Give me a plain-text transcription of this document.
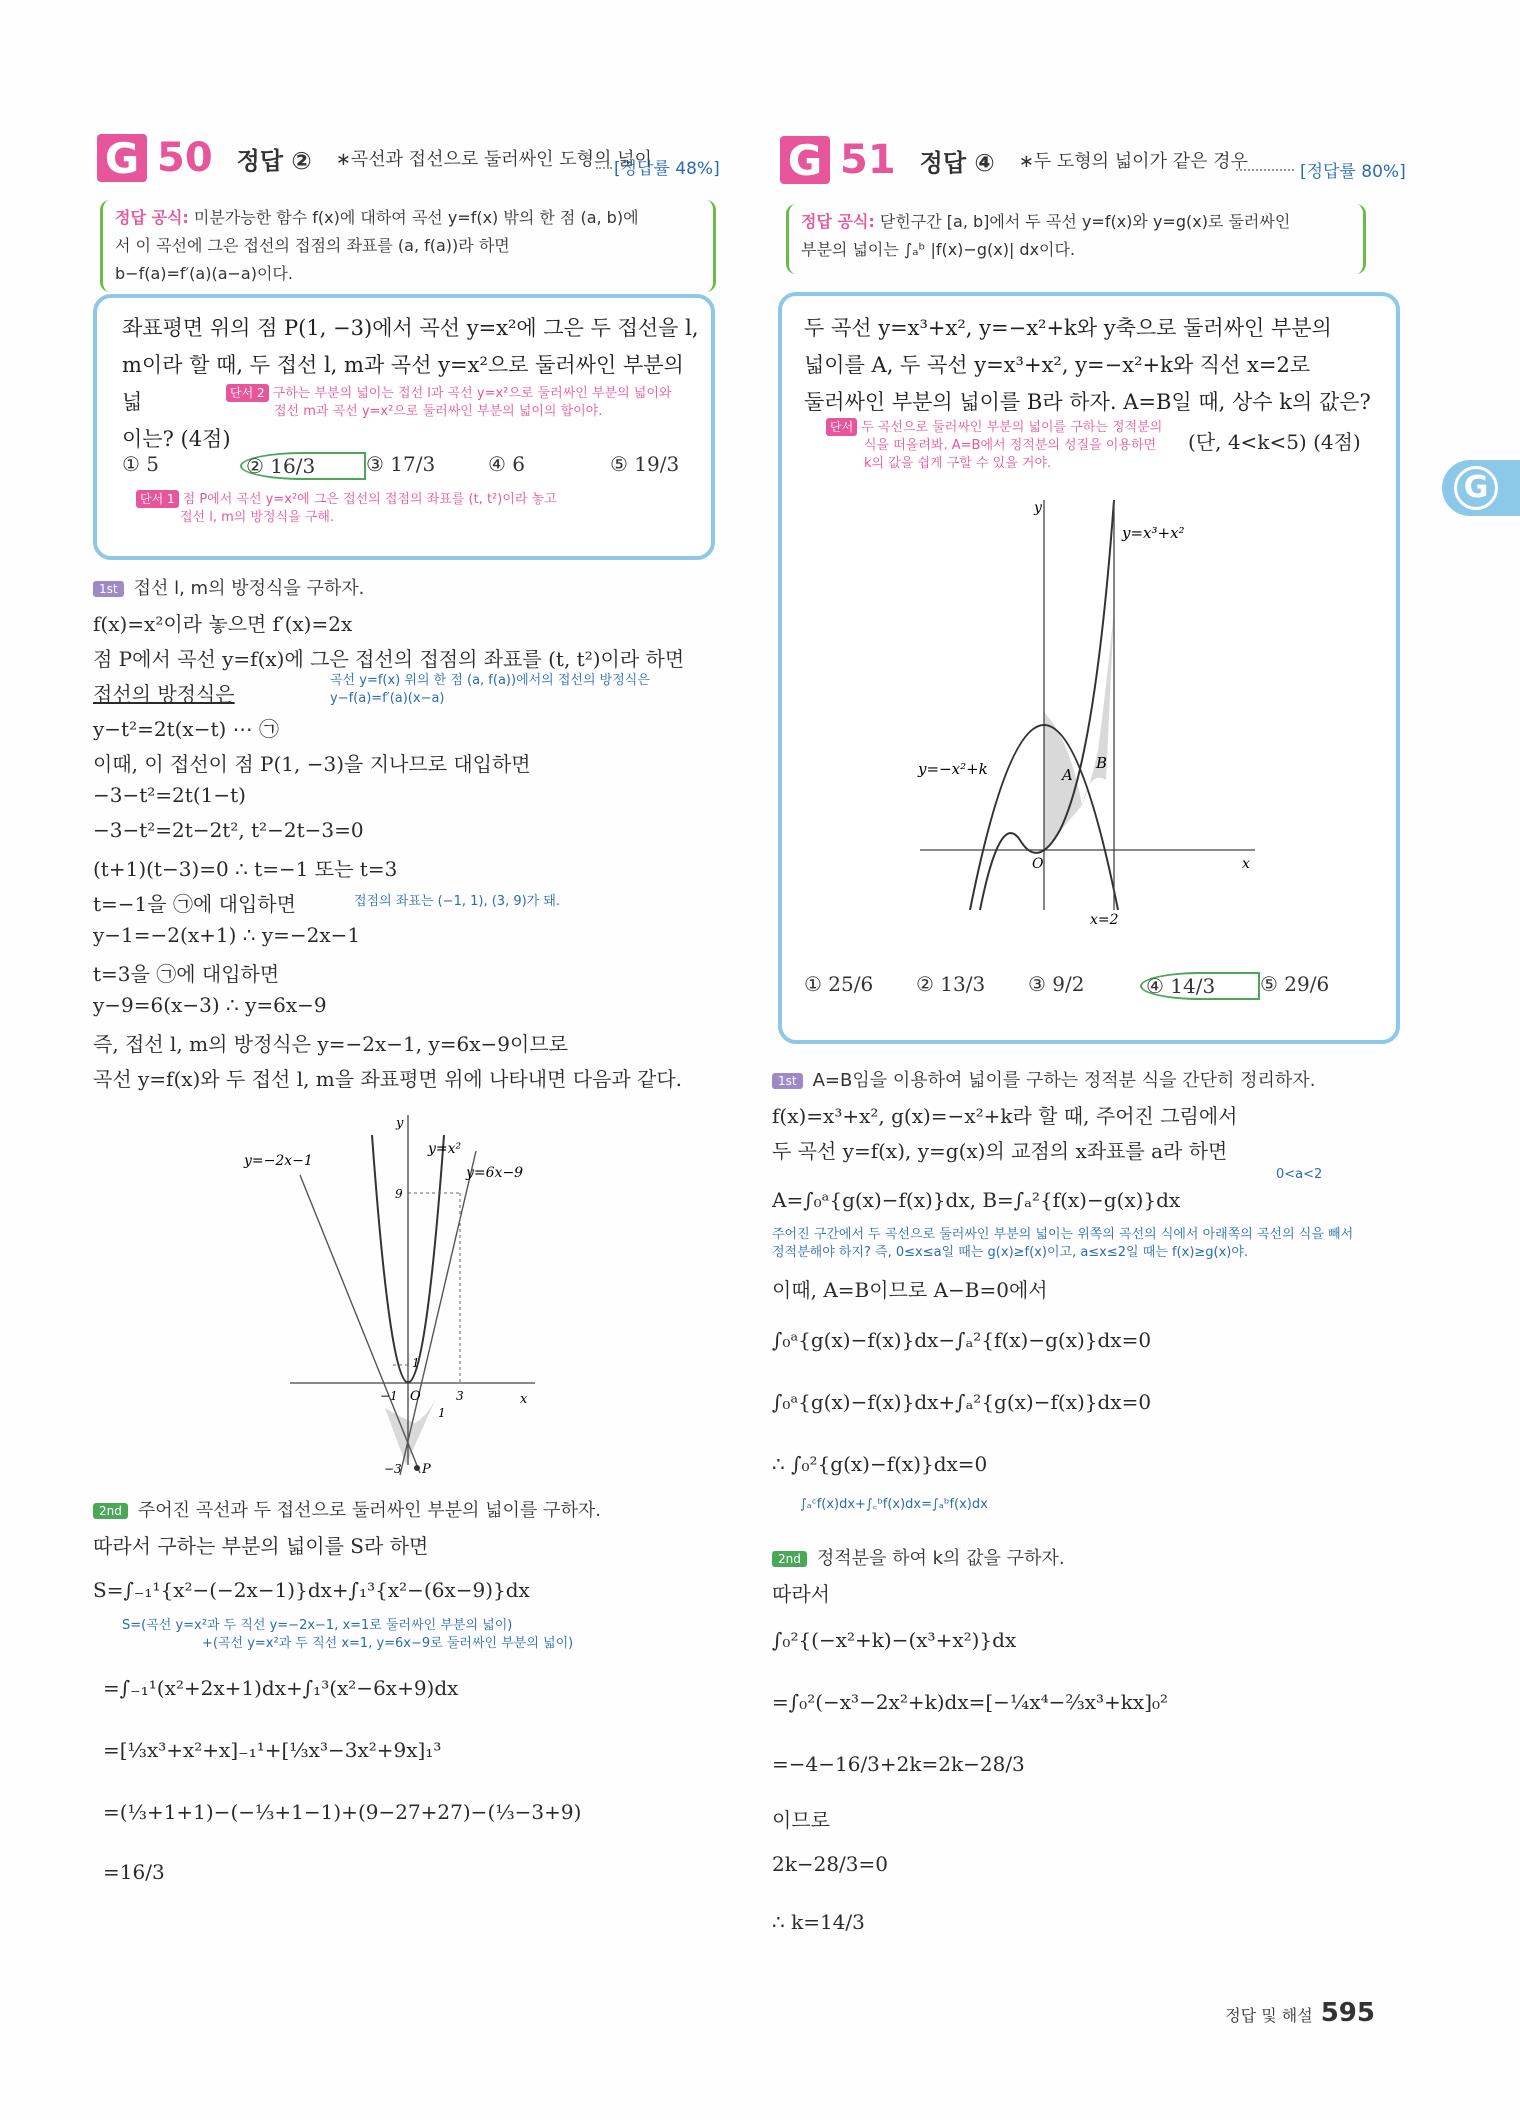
G 50 정답 ② ∗곡선과 접선으로 둘러싸인 도형의 넓이
[정답률 48%]
정답 공식: 미분가능한 함수 f(x)에 대하여 곡선 y=f(x) 밖의 한 점 (a, b)에
서 이 곡선에 그은 접선의 접점의 좌표를 (a, f(a))라 하면
b−f(a)=f′(a)(a−a)이다.
좌표평면 위의 점 P(1, −3)에서 곡선 y=x²에 그은 두 접선을 l,
m이라 할 때, 두 접선 l, m과 곡선 y=x²으로 둘러싸인 부분의 넓
이는? (4점)
단서 2 구하는 부분의 넓이는 접선 l과 곡선 y=x²으로 둘러싸인 부분의 넓이와
접선 m과 곡선 y=x²으로 둘러싸인 부분의 넓이의 합이야.
① 5	② 16/3	③ 17/3	④ 6	⑤ 19/3
단서 1 점 P에서 곡선 y=x²에 그은 접선의 접점의 좌표를 (t, t²)이라 놓고
접선 l, m의 방정식을 구해.
1st 접선 l, m의 방정식을 구하자.
f(x)=x²이라 놓으면 f′(x)=2x
점 P에서 곡선 y=f(x)에 그은 접선의 접점의 좌표를 (t, t²)이라 하면
접선의 방정식은
곡선 y=f(x) 위의 한 점 (a, f(a))에서의 접선의 방정식은
y−f(a)=f′(a)(x−a)
y−t²=2t(x−t) ⋯ ㉠
이때, 이 접선이 점 P(1, −3)을 지나므로 대입하면
−3−t²=2t(1−t)
−3−t²=2t−2t², t²−2t−3=0
(t+1)(t−3)=0 ∴ t=−1 또는 t=3
t=−1을 ㉠에 대입하면	접점의 좌표는 (−1, 1), (3, 9)가 돼.
y−1=−2(x+1) ∴ y=−2x−1
t=3을 ㉠에 대입하면
y−9=6(x−3) ∴ y=6x−9
즉, 접선 l, m의 방정식은 y=−2x−1, y=6x−9이므로
곡선 y=f(x)와 두 접선 l, m을 좌표평면 위에 나타내면 다음과 같다.
y=−2x−1
y=x²
y=6x−9
y
x
O
9
1
−1	3
1
−3 P
2nd 주어진 곡선과 두 접선으로 둘러싸인 부분의 넓이를 구하자.
따라서 구하는 부분의 넓이를 S라 하면
S=∫₋₁¹{x²−(−2x−1)}dx+∫₁³{x²−(6x−9)}dx
S=(곡선 y=x²과 두 직선 y=−2x−1, x=1로 둘러싸인 부분의 넓이)
+(곡선 y=x²과 두 직선 x=1, y=6x−9로 둘러싸인 부분의 넓이)
=∫₋₁¹(x²+2x+1)dx+∫₁³(x²−6x+9)dx
=[⅓x³+x²+x]₋₁¹+[⅓x³−3x²+9x]₁³
=(⅓+1+1)−(−⅓+1−1)+(9−27+27)−(⅓−3+9)
=16/3
G 51 정답 ④ ∗두 도형의 넓이가 같은 경우	[정답률 80%]
정답 공식: 닫힌구간 [a, b]에서 두 곡선 y=f(x)와 y=g(x)로 둘러싸인
부분의 넓이는 ∫ₐᵇ |f(x)−g(x)| dx이다.
두 곡선 y=x³+x², y=−x²+k와 y축으로 둘러싸인 부분의
넓이를 A, 두 곡선 y=x³+x², y=−x²+k와 직선 x=2로
둘러싸인 부분의 넓이를 B라 하자. A=B일 때, 상수 k의 값은?
단서 두 곡선으로 둘러싸인 부분의 넓이를 구하는 정적분의
식을 떠올려봐. A=B에서 정적분의 성질을 이용하면
k의 값을 쉽게 구할 수 있을 거야.
(단, 4<k<5) (4점)
y
x
O
y=x³+x²
y=−x²+k	A
B
x=2
① 25/6	② 13/3	③ 9/2	④ 14/3	⑤ 29/6
1st A=B임을 이용하여 넓이를 구하는 정적분 식을 간단히 정리하자.
f(x)=x³+x², g(x)=−x²+k라 할 때, 주어진 그림에서
두 곡선 y=f(x), y=g(x)의 교점의 x좌표를 a라 하면
0<a<2
A=∫₀ᵃ{g(x)−f(x)}dx, B=∫ₐ²{f(x)−g(x)}dx
주어진 구간에서 두 곡선으로 둘러싸인 부분의 넓이는 위쪽의 곡선의 식에서 아래쪽의 곡선의 식을 빼서
정적분해야 하지? 즉, 0≤x≤a일 때는 g(x)≥f(x)이고, a≤x≤2일 때는 f(x)≥g(x)야.
이때, A=B이므로 A−B=0에서
∫₀ᵃ{g(x)−f(x)}dx−∫ₐ²{f(x)−g(x)}dx=0
∫₀ᵃ{g(x)−f(x)}dx+∫ₐ²{g(x)−f(x)}dx=0
∴ ∫₀²{g(x)−f(x)}dx=0
∫ₐᶜf(x)dx+∫꜀ᵇf(x)dx=∫ₐᵇf(x)dx
2nd 정적분을 하여 k의 값을 구하자.
따라서
∫₀²{(−x²+k)−(x³+x²)}dx
=∫₀²(−x³−2x²+k)dx=[−¼x⁴−⅔x³+kx]₀²
=−4−16/3+2k=2k−28/3
이므로
2k−28/3=0
∴ k=14/3
G
정답 및 해설 595
